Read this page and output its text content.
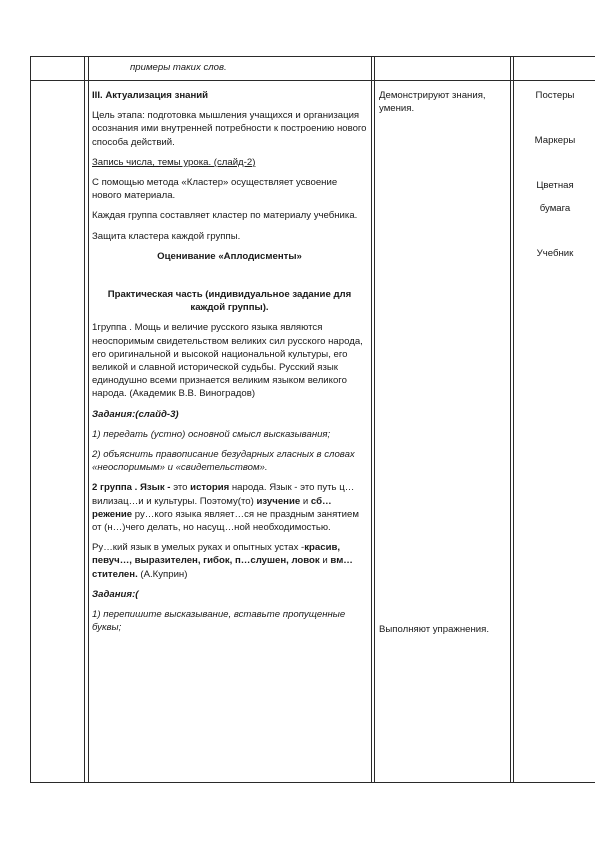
примеры таких слов.

III. Актуализация знаний

Цель этапа: подготовка мышления учащихся и организация осознания ими внутренней потребности к построению нового способа действий.

Запись числа, темы урока. (слайд-2)

С помощью метода «Кластер» осуществляет усвоение нового материала.

Каждая группа составляет кластер по материалу учебника.

Защита кластера каждой группы.

Оценивание «Аплодисменты»

Практическая часть (индивидуальное задание для каждой группы).

1группа . Мощь и величие русского языка являются неоспоримым свидетельством великих сил русского народа, его оригинальной и высокой национальной культуры, его великой и славной исторической судьбы. Русский язык единодушно всеми признается великим языком великого народа. (Академик В.В. Виноградов)

Задания:(слайд-3)

1) передать (устно) основной смысл высказывания;

2) объяснить правописание безударных гласных в словах «неоспоримым» и «свидетельством».

2 группа . Язык - это история народа. Язык - это путь ц…вилизац…и и культуры. Поэтому(то) изучение и сб…режение ру…кого языка являет…ся не праздным занятием от (н…)чего делать, но насущ…ной необходимостью.

Ру…кий язык в умелых руках и опытных устах -красив, певуч…, выразителен, гибок, п…слушен, ловок и вм…стителен. (А.Куприн)

Задания:(

1) перепишите высказывание, вставьте пропущенные буквы;

Демонстрируют знания, умения.
Выполняют упражнения.
Постеры
Маркеры
Цветная
бумага
Учебник
